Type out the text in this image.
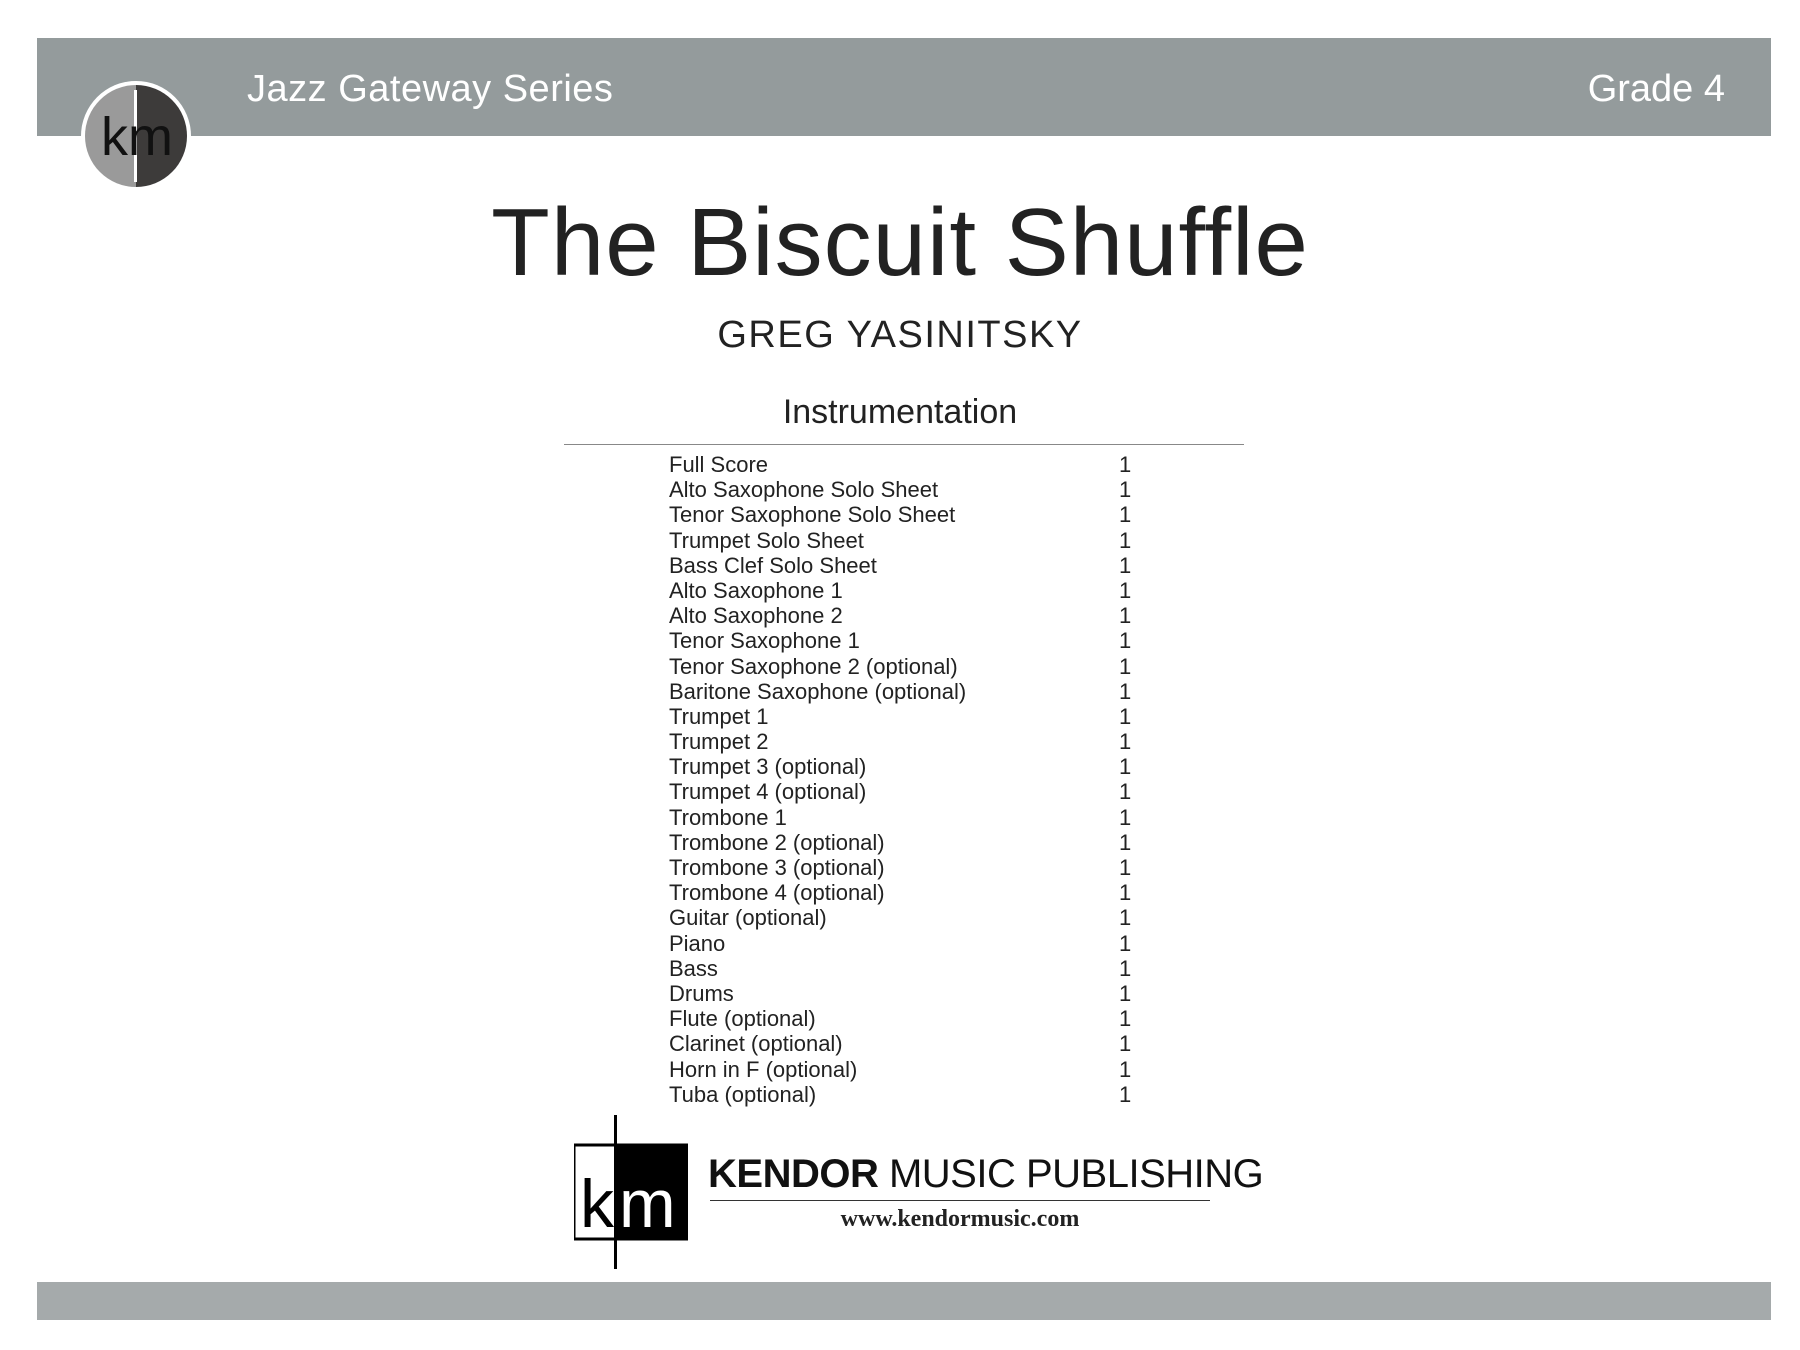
Jazz Gateway Series	Grade 4
km
The Biscuit Shuffle
GREG YASINITSKY
Instrumentation
Full Score	1
Alto Saxophone Solo Sheet	1
Tenor Saxophone Solo Sheet	1
Trumpet Solo Sheet	1
Bass Clef Solo Sheet	1
Alto Saxophone 1	1
Alto Saxophone 2	1
Tenor Saxophone 1	1
Tenor Saxophone 2 (optional)	1
Baritone Saxophone (optional)	1
Trumpet 1	1
Trumpet 2	1
Trumpet 3 (optional)	1
Trumpet 4 (optional)	1
Trombone 1	1
Trombone 2 (optional)	1
Trombone 3 (optional)	1
Trombone 4 (optional)	1
Guitar (optional)	1
Piano	1
Bass	1
Drums	1
Flute (optional)	1
Clarinet (optional)	1
Horn in F (optional)	1
Tuba (optional)	1
k m KENDOR MUSIC PUBLISHING
www.kendormusic.com
